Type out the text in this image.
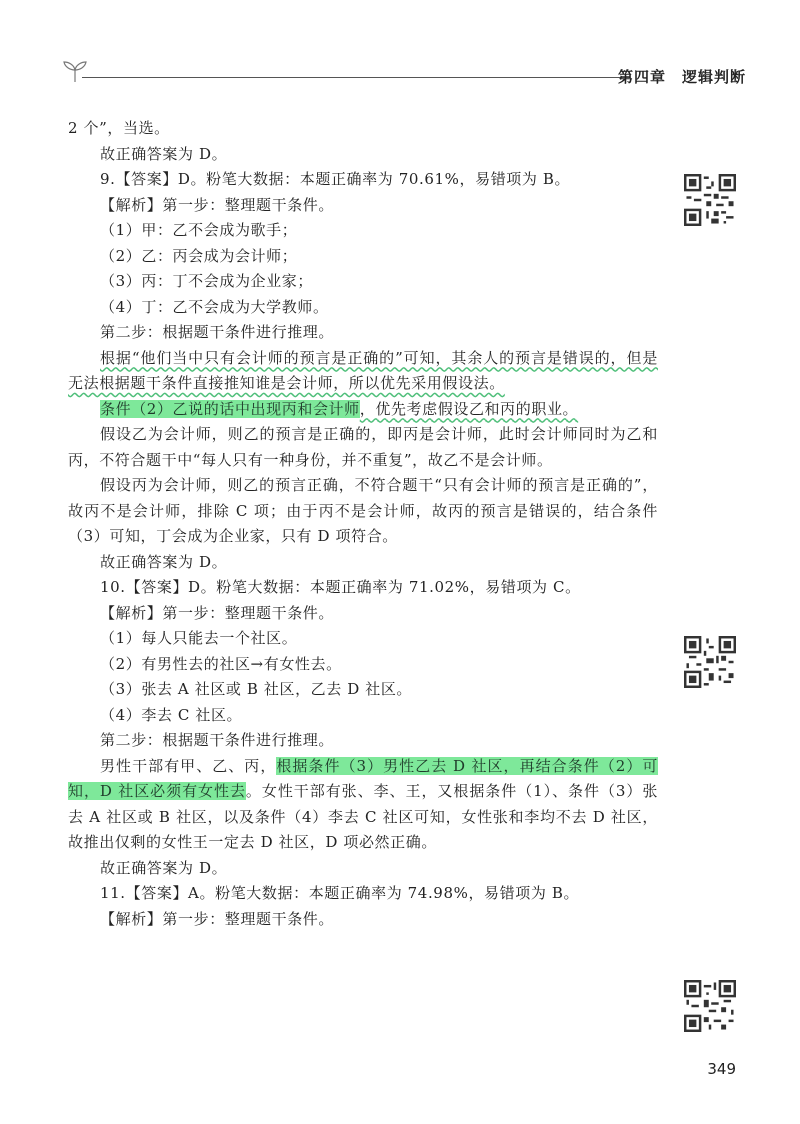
第四章　逻辑判断

2 个”，当选。

故正确答案为 D。

9.【答案】D。粉笔大数据：本题正确率为 70.61%，易错项为 B。

【解析】第一步：整理题干条件。

（1）甲：乙不会成为歌手；

（2）乙：丙会成为会计师；

（3）丙：丁不会成为企业家；

（4）丁：乙不会成为大学教师。

第二步：根据题干条件进行推理。

根据“他们当中只有会计师的预言是正确的”可知，其余人的预言是错误的，但是无法根据题干条件直接推知谁是会计师，所以优先采用假设法。

条件（2）乙说的话中出现丙和会计师，优先考虑假设乙和丙的职业。

假设乙为会计师，则乙的预言是正确的，即丙是会计师，此时会计师同时为乙和丙，不符合题干中“每人只有一种身份，并不重复”，故乙不是会计师。

假设丙为会计师，则乙的预言正确，不符合题干“只有会计师的预言是正确的”，故丙不是会计师，排除 C 项；由于丙不是会计师，故丙的预言是错误的，结合条件（3）可知，丁会成为企业家，只有 D 项符合。

故正确答案为 D。

10.【答案】D。粉笔大数据：本题正确率为 71.02%，易错项为 C。

【解析】第一步：整理题干条件。

（1）每人只能去一个社区。

（2）有男性去的社区→有女性去。

（3）张去 A 社区或 B 社区，乙去 D 社区。

（4）李去 C 社区。

第二步：根据题干条件进行推理。

男性干部有甲、乙、丙，根据条件（3）男性乙去 D 社区，再结合条件（2）可知，D 社区必须有女性去。女性干部有张、李、王，又根据条件（1）、条件（3）张去 A 社区或 B 社区，以及条件（4）李去 C 社区可知，女性张和李均不去 D 社区，故推出仅剩的女性王一定去 D 社区，D 项必然正确。

故正确答案为 D。

11.【答案】A。粉笔大数据：本题正确率为 74.98%，易错项为 B。

【解析】第一步：整理题干条件。

349
